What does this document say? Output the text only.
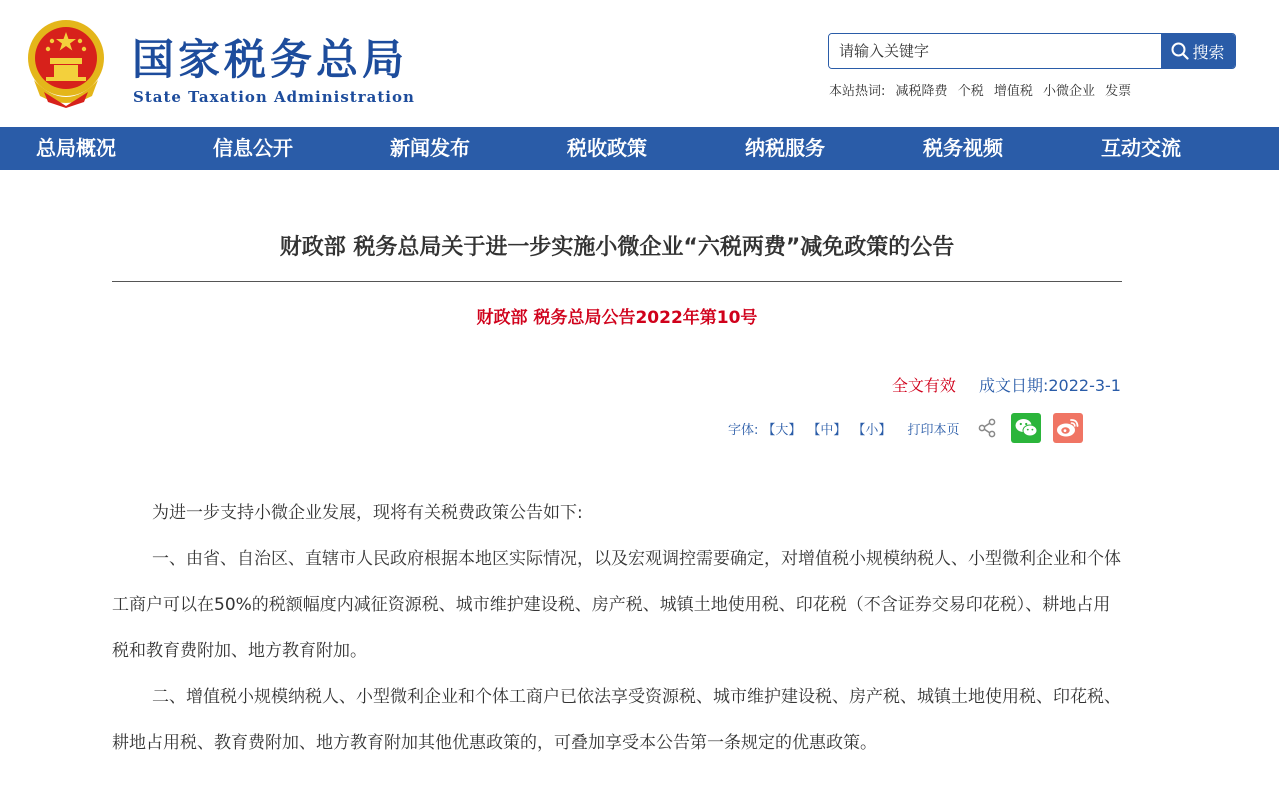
国家税务总局
State Taxation Administration
请输入关键字
搜索
本站热词: 减税降费 个税 增值税 小微企业 发票
总局概况	信息公开	新闻发布	税收政策	纳税服务	税务视频	互动交流
财政部 税务总局关于进一步实施小微企业“六税两费”减免政策的公告
财政部 税务总局公告2022年第10号
全文有效 成文日期:2022-3-1
字体: 【大】 【中】 【小】 打印本页

为进一步支持小微企业发展，现将有关税费政策公告如下:

一、由省、自治区、直辖市人民政府根据本地区实际情况，以及宏观调控需要确定，对增值税小规模纳税人、小型微利企业和个体工商户可以在50%的税额幅度内减征资源税、城市维护建设税、房产税、城镇土地使用税、印花税（不含证券交易印花税）、耕地占用税和教育费附加、地方教育附加。

二、增值税小规模纳税人、小型微利企业和个体工商户已依法享受资源税、城市维护建设税、房产税、城镇土地使用税、印花税、耕地占用税、教育费附加、地方教育附加其他优惠政策的，可叠加享受本公告第一条规定的优惠政策。
